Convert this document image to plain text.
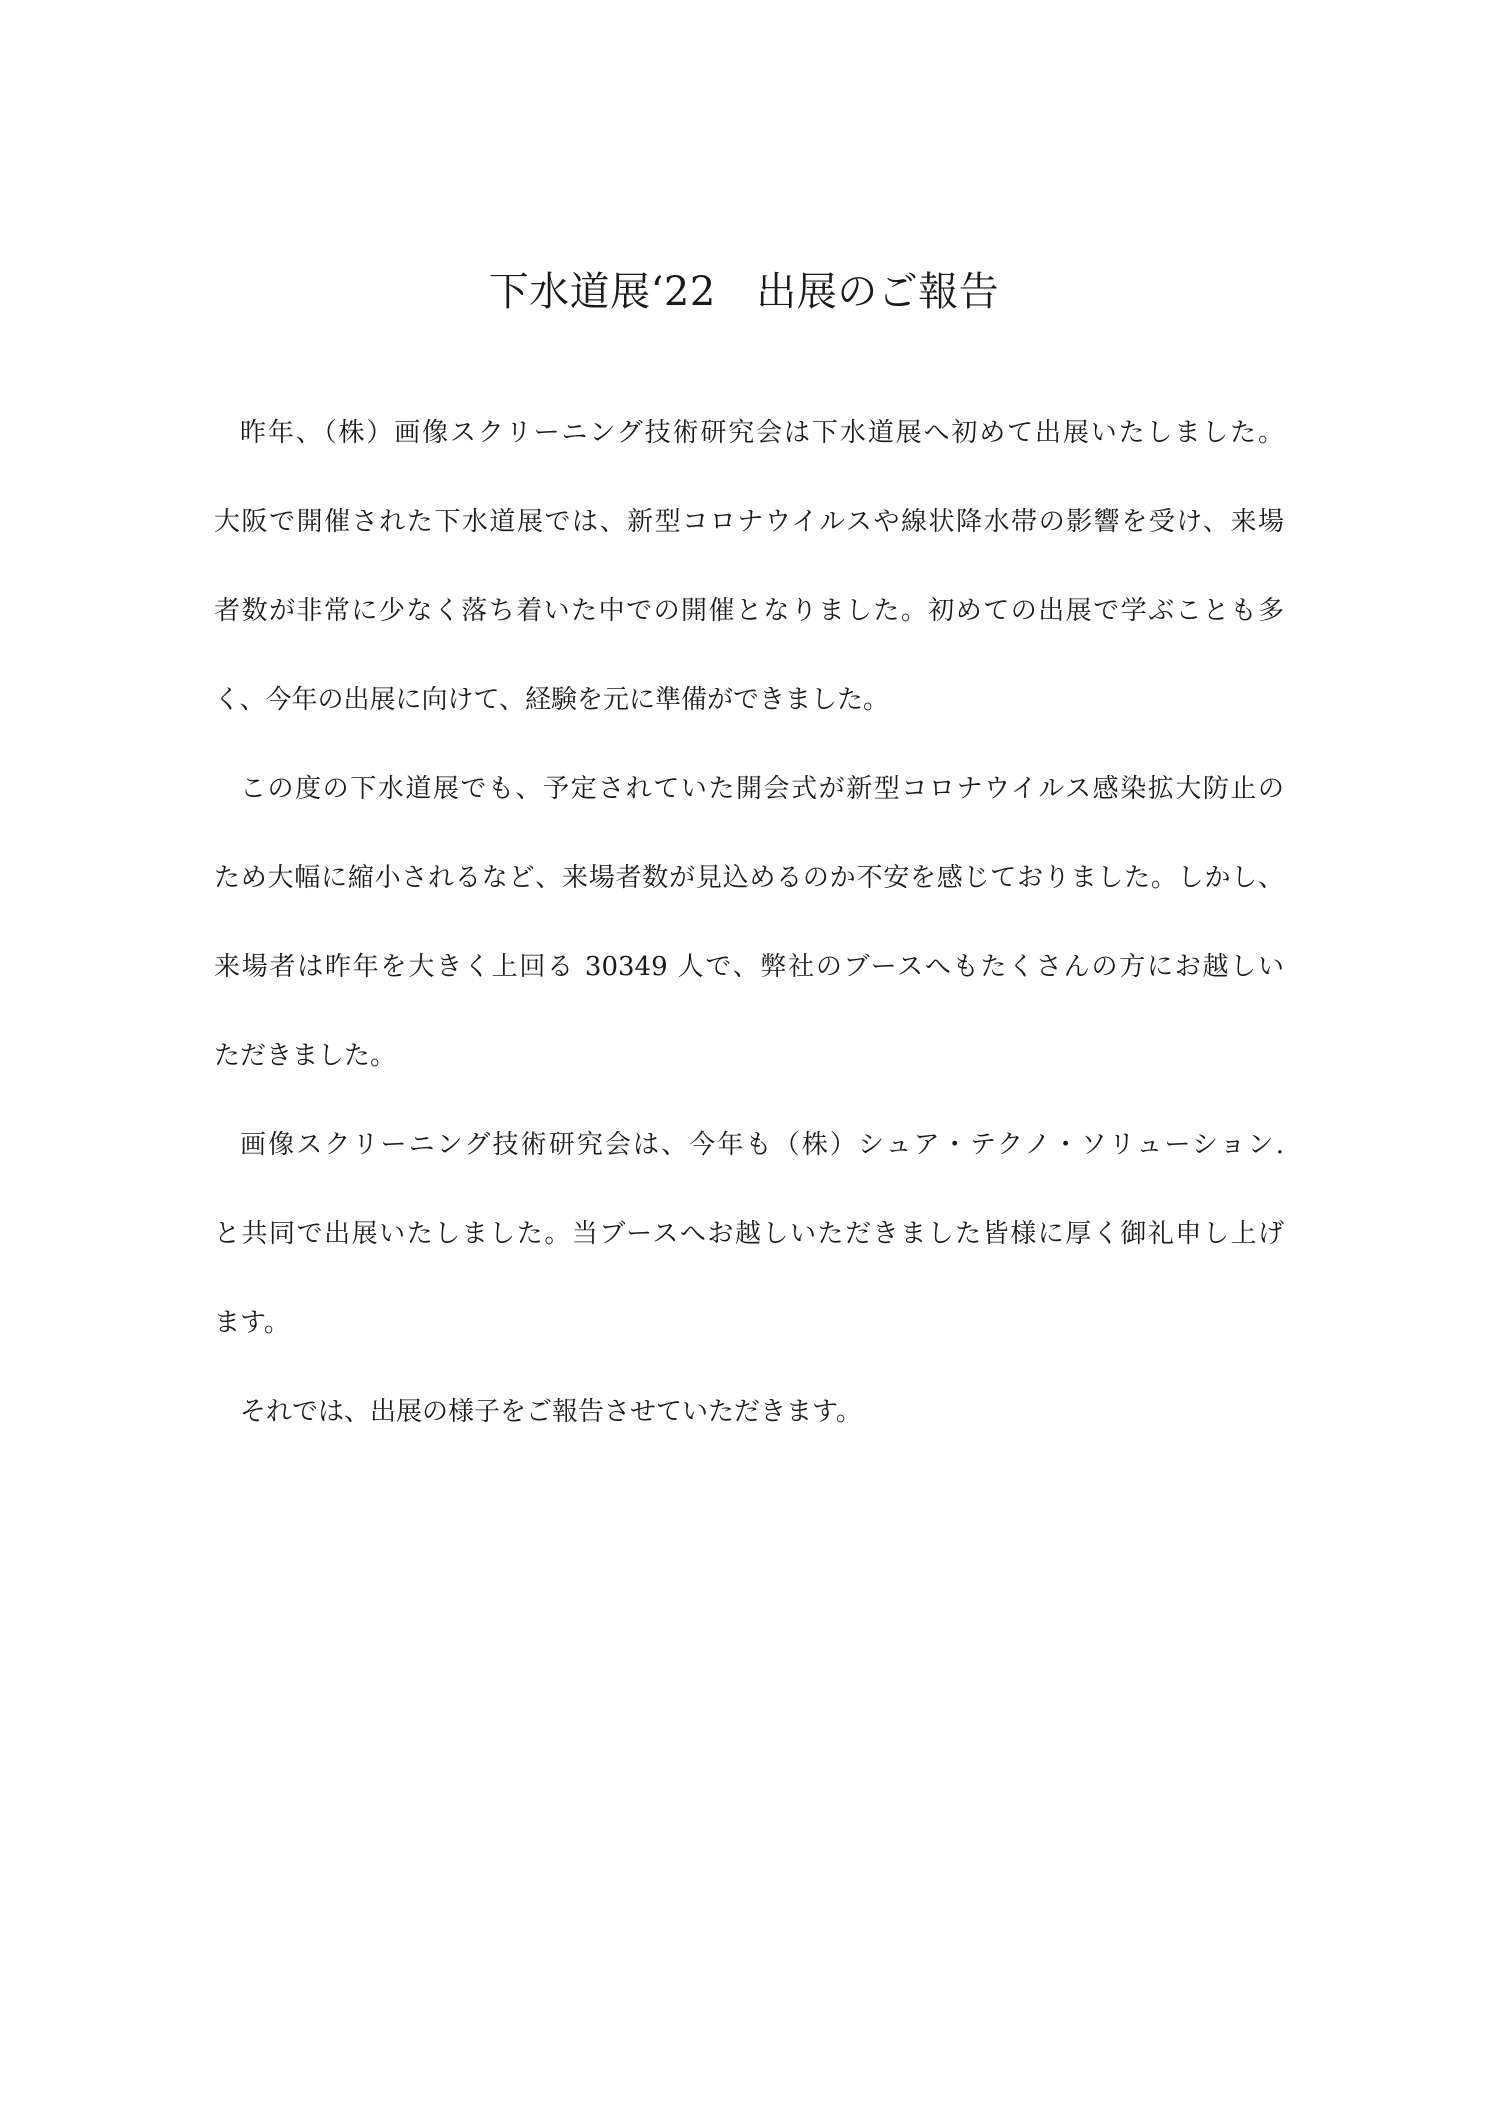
下水道展‘22　出展のご報告
昨年、（株）画像スクリーニング技術研究会は下水道展へ初めて出展いたしました。
大阪で開催された下水道展では、新型コロナウイルスや線状降水帯の影響を受け、来場
者数が非常に少なく落ち着いた中での開催となりました。初めての出展で学ぶことも多
く、今年の出展に向けて、経験を元に準備ができました。
この度の下水道展でも、予定されていた開会式が新型コロナウイルス感染拡大防止の
ため大幅に縮小されるなど、来場者数が見込めるのか不安を感じておりました。しかし、
来場者は昨年を大きく上回る 30349 人で、弊社のブースへもたくさんの方にお越しい
ただきました。
画像スクリーニング技術研究会は、今年も（株）シュア・テクノ・ソリューション.
と共同で出展いたしました。当ブースへお越しいただきました皆様に厚く御礼申し上げ
ます。
それでは、出展の様子をご報告させていただきます。
